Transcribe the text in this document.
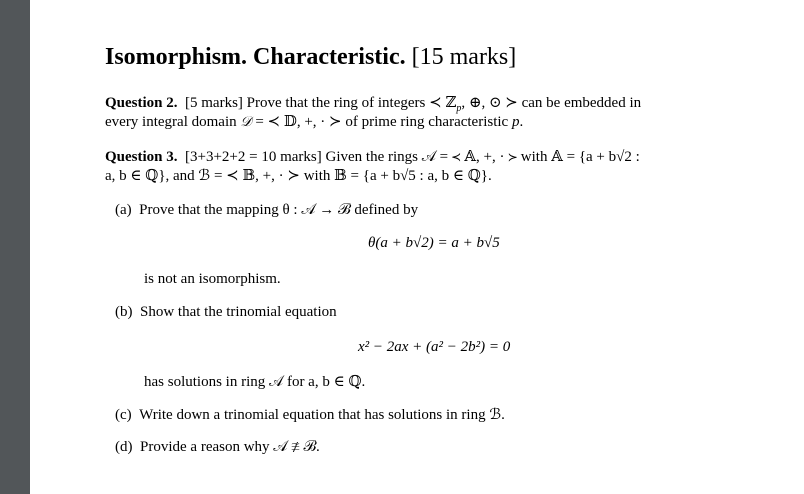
Isomorphism. Characteristic. [15 marks]
Question 2. [5 marks] Prove that the ring of integers ≺ ℤ$_p$, ⊕, ⊙ ≻ can be embedded in
every integral domain 𝒟 = ≺ 𝔻, +, · ≻ of prime ring characteristic p.
Question 3. [3+3+2+2 = 10 marks] Given the rings 𝒜 = ≺ 𝔸, +, · ≻ with 𝔸 = {a + b√2 :
a, b ∈ ℚ}, and ℬ = ≺ 𝔹, +, · ≻ with 𝔹 = {a + b√5 : a, b ∈ ℚ}.
(a) Prove that the mapping θ : 𝒜 → ℬ defined by
θ(a + b√2) = a + b√5
is not an isomorphism.
(b) Show that the trinomial equation
x² − 2ax + (a² − 2b²) = 0
has solutions in ring 𝒜 for a, b ∈ ℚ.
(c) Write down a trinomial equation that has solutions in ring ℬ.
(d) Provide a reason why 𝒜 ≇ ℬ.
